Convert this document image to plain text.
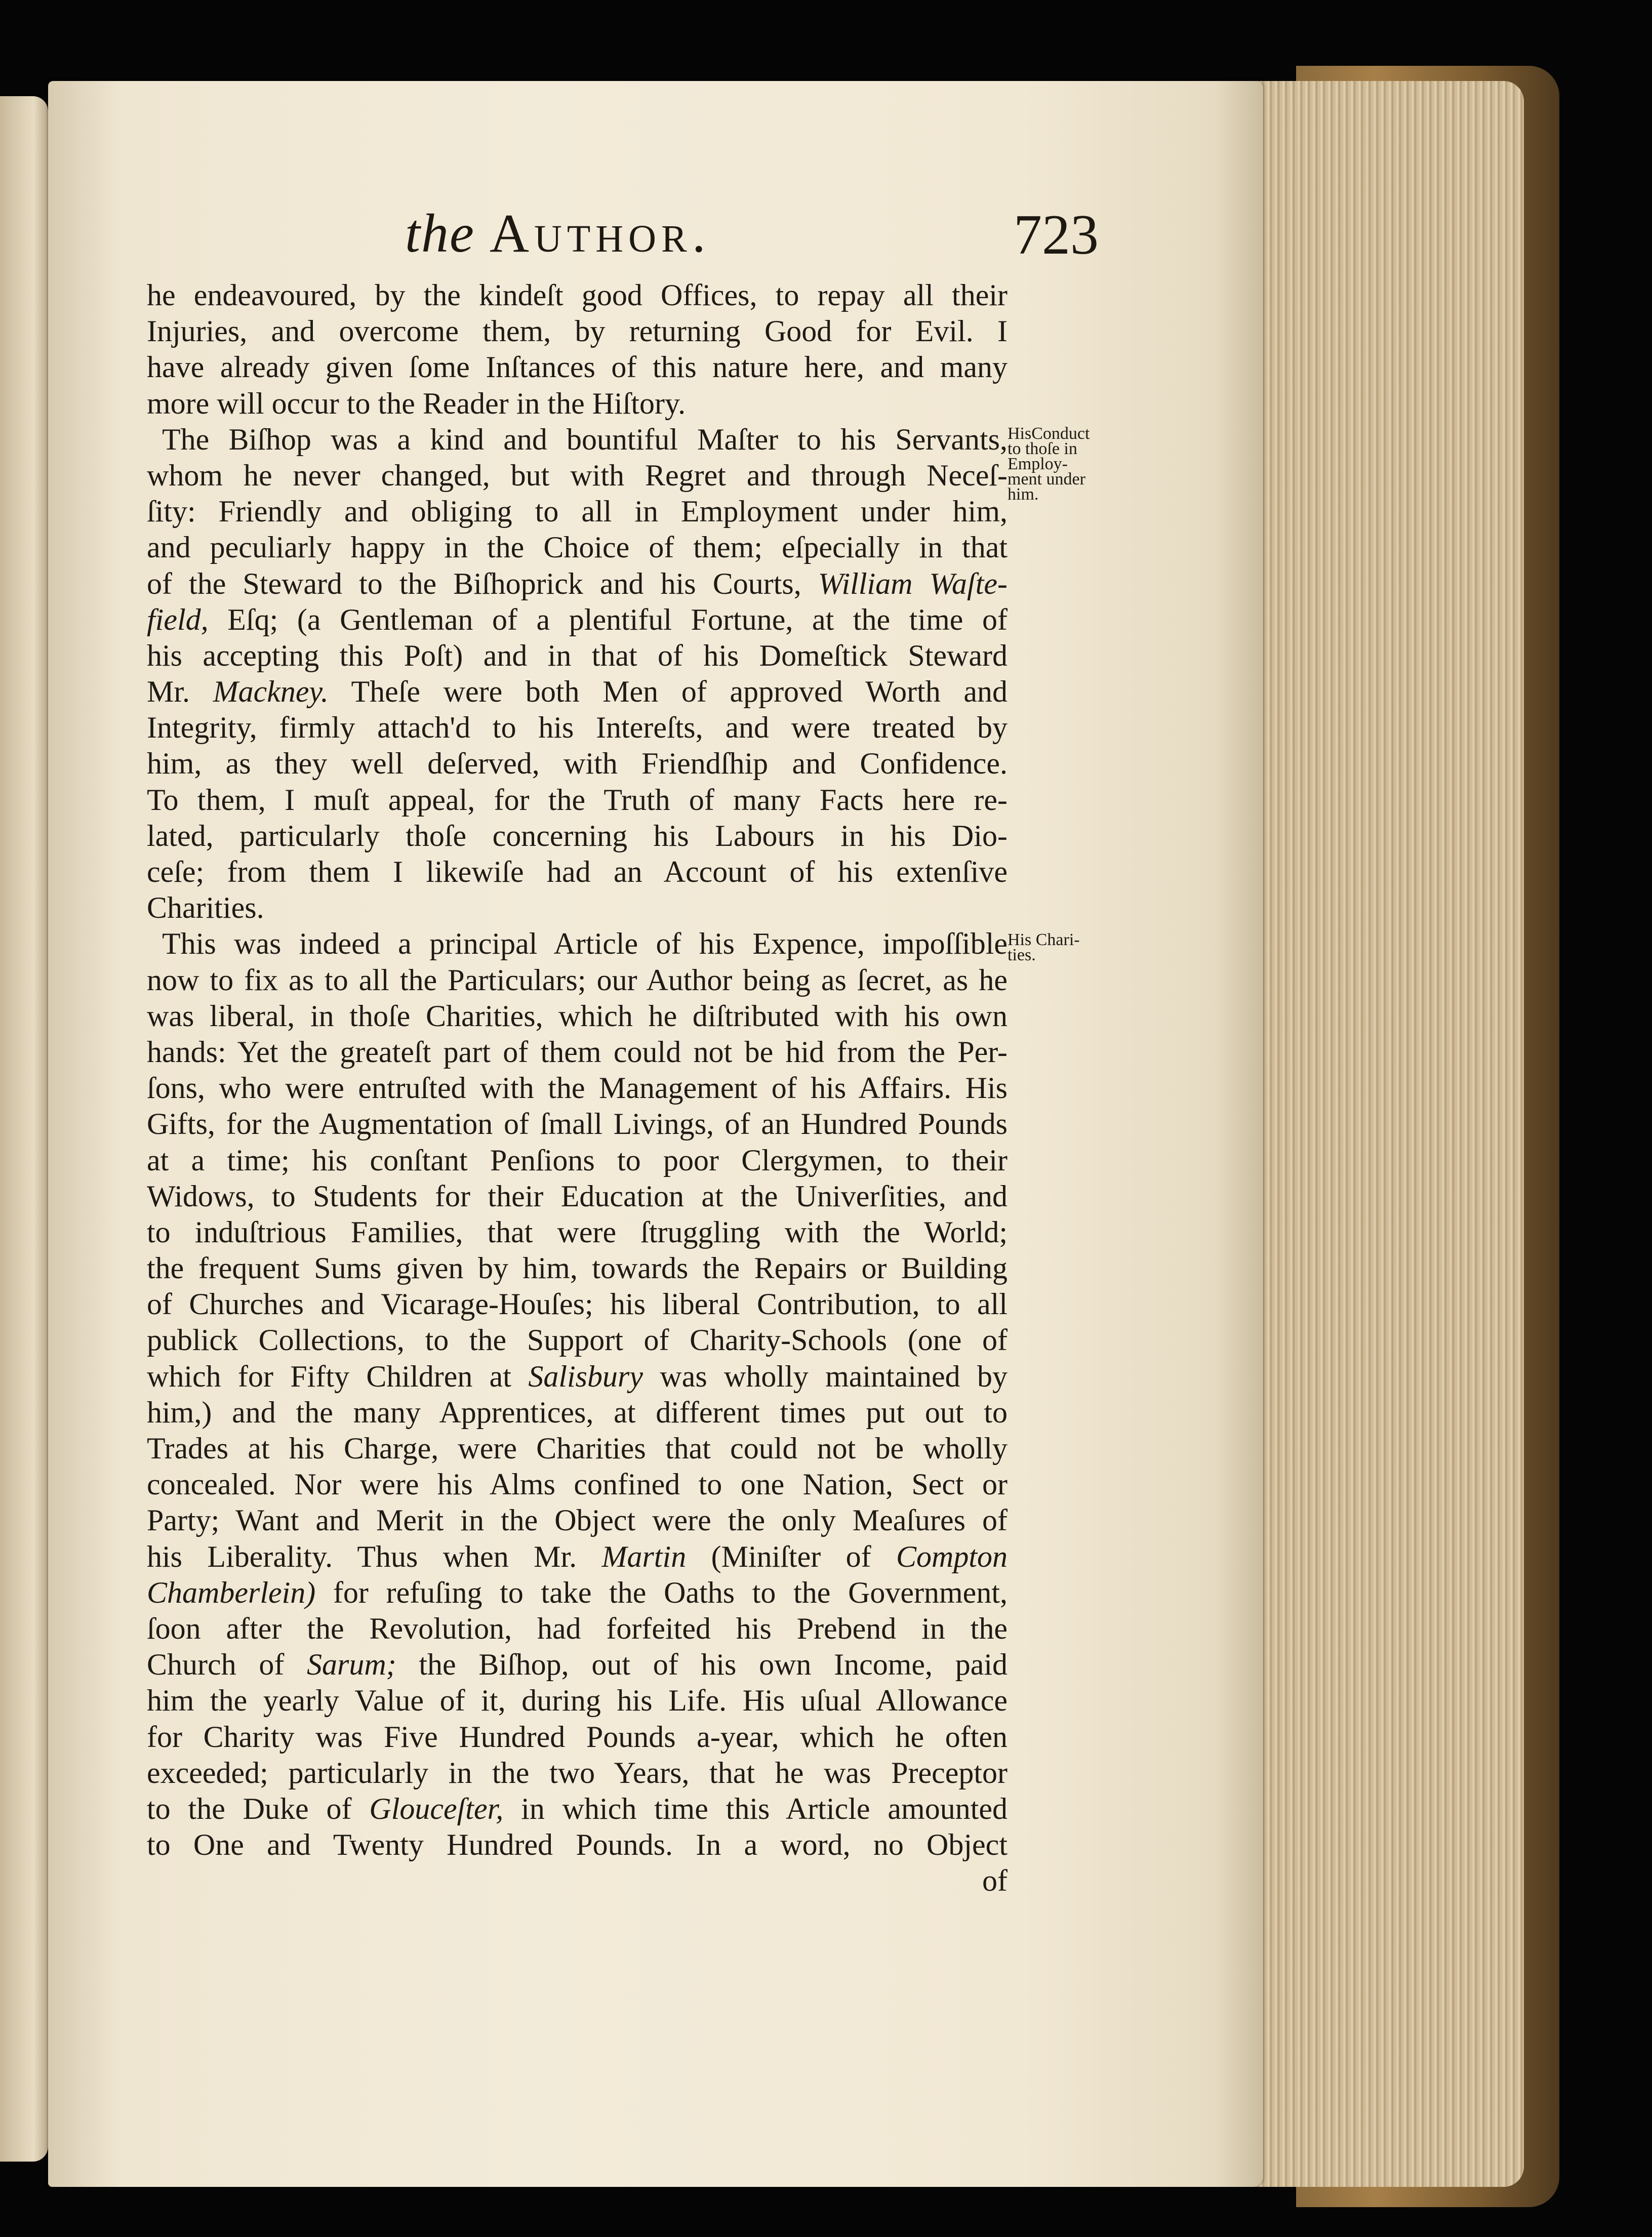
the Author.	723
he endeavoured, by the kindeſt good Offices, to repay all their
Injuries, and overcome them, by returning Good for Evil. I
have already given ſome Inſtances of this nature here, and many
more will occur to the Reader in the Hiſtory.
The Biſhop was a kind and bountiful Maſter to his Servants,
whom he never changed, but with Regret and through Neceſ-
ſity: Friendly and obliging to all in Employment under him,
and peculiarly happy in the Choice of them; eſpecially in that
of the Steward to the Biſhoprick and his Courts, William Waſte-
field, Eſq; (a Gentleman of a plentiful Fortune, at the time of
his accepting this Poſt) and in that of his Domeſtick Steward
Mr. Mackney. Theſe were both Men of approved Worth and
Integrity, firmly attach'd to his Intereſts, and were treated by
him, as they well deſerved, with Friendſhip and Confidence.
To them, I muſt appeal, for the Truth of many Facts here re-
lated, particularly thoſe concerning his Labours in his Dio-
ceſe; from them I likewiſe had an Account of his extenſive
Charities.
This was indeed a principal Article of his Expence, impoſſible
now to fix as to all the Particulars; our Author being as ſecret, as he
was liberal, in thoſe Charities, which he diſtributed with his own
hands: Yet the greateſt part of them could not be hid from the Per-
ſons, who were entruſted with the Management of his Affairs. His
Gifts, for the Augmentation of ſmall Livings, of an Hundred Pounds
at a time; his conſtant Penſions to poor Clergymen, to their
Widows, to Students for their Education at the Univerſities, and
to induſtrious Families, that were ſtruggling with the World;
the frequent Sums given by him, towards the Repairs or Building
of Churches and Vicarage-Houſes; his liberal Contribution, to all
publick Collections, to the Support of Charity-Schools (one of
which for Fifty Children at Salisbury was wholly maintained by
him,) and the many Apprentices, at different times put out to
Trades at his Charge, were Charities that could not be wholly
concealed. Nor were his Alms confined to one Nation, Sect or
Party; Want and Merit in the Object were the only Meaſures of
his Liberality. Thus when Mr. Martin (Miniſter of Compton
Chamberlein) for refuſing to take the Oaths to the Government,
ſoon after the Revolution, had forfeited his Prebend in the
Church of Sarum; the Biſhop, out of his own Income, paid
him the yearly Value of it, during his Life. His uſual Allowance
for Charity was Five Hundred Pounds a-year, which he often
exceeded; particularly in the two Years, that he was Preceptor
to the Duke of Glouceſter, in which time this Article amounted
to One and Twenty Hundred Pounds. In a word, no Object
of
HisConduct
to thoſe in
Employ-
ment under
him.
His Chari-
ties.
